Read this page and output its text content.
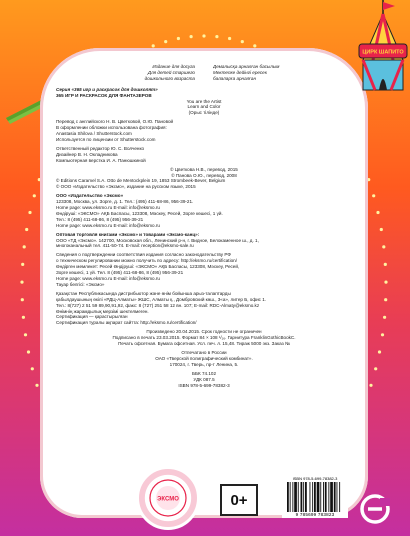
Издание для досуга
Для детей старшего
дошкольного возраста
Демалысқа арналған басылым
Мектепке дейінгі ересек
балаларға арналған
Серия «365 игр и раскрасок для дошколят»
365 ИГР И РАСКРАСОК ДЛЯ ФАНТАЗЕРОВ
You are the Artist
Learn and Color
(Орыс тілінде)
Перевод с английского Н. В. Цветковой, О.Ю. Пановой
В оформлении обложки использована фотография:
Anastasia Shilova / Shutterstock.com
Используется по лицензии от Shutterstock.com
Ответственный редактор Ю. С. Волченко
Дизайнер В. Н. Окладникова
Компьютерная верстка И. А. Панюшкиной
© Цветкова Н.В., перевод, 2015
© Панова О.Ю., перевод, 2008
© Editions Caramel S.A. Otto de Mentockplein 19, 1853 Strombeek-Bever, Belgium
© ООО «Издательство «Эксмо», издание на русском языке, 2015
ООО «Издательство «Эксмо»
123308, Москва, ул. Зорге, д. 1. Тел.: (495) 411-68-86, 956-39-21.
Home page: www.eksmo.ru E-mail: info@eksmo.ru
Өндіруші: «ЭКСМО» АҚБ Баспасы, 123308, Мәскеу, Ресей, Зорге көшесі, 1 үй.
Тел.: 8 (495) 411-68-86, 8 (495) 956-39-21
Home page: www.eksmo.ru E-mail: info@eksmo.ru
Оптовая торговля книгами «Эксмо» и товарами «Эксмо-канц»:
ООО «ТД «Эксмо». 142700, Московская обл., Ленинский р-н, г. Видное, Белокаменное ш., д. 1,
многоканальный тел. 411-50-74. E-mail: reception@eksmo-sale.ru
Сведения о подтверждении соответствия издания согласно законодательству РФ
о техническом регулировании можно получить по адресу: http://eksmo.ru/certification/
Өндірген мемлекет: Ресей Өндіруші: «ЭКСМО» АҚБ Баспасы, 123308, Мәскеу, Ресей,
Зорге көшесі, 1 үй. Тел. 8 (495) 411-68-86, 8 (495) 956-39-21
Home page: www.eksmo.ru E-mail: info@eksmo.ru
Тауар белгісі: «Эксмо»
Қазақстан Республикасында дистрибьютор және өнім бойынша арыз-талаптарды
қабылдаушының өкілі «РДЦ-Алматы» ЖШС, Алматы қ., Домбровский көш., 3«а», литер Б, офис 1.
Тел.: 8(727) 2 51 59 89,90,91,92, факс: 8 (727) 251 58 12 вн. 107; E-mail: RDC-Almaty@eksmo.kz
Өнімнің жарамдылық мерзімі шектелмеген.
Сертификация — қарастырылған
Сертификация туралы ақпарат сайтта: http://eksmo.ru/certification/
Произведено 20.04.2015. Срок годности не ограничен
Подписано в печать 23.03.2015. Формат 84 × 108 ¹/₁₆. Гарнитура FranklinGothicBookC.
Печать офсетная. Бумага офсетная. Усл. печ. л. 15,48. Тираж 5000 экз. Заказ №
Отпечатано в России
ОАО «Тверской полиграфический комбинат».
170024, г. Тверь, пр-т Ленина, 5.
ББК 74.102
УДК 087.5
ISBN 978-5-699-78382-3
ЦИРК ШАПИТО
ЭКСМО	0+
ISBN 978-5-699-78382-3
9 785699 783823
